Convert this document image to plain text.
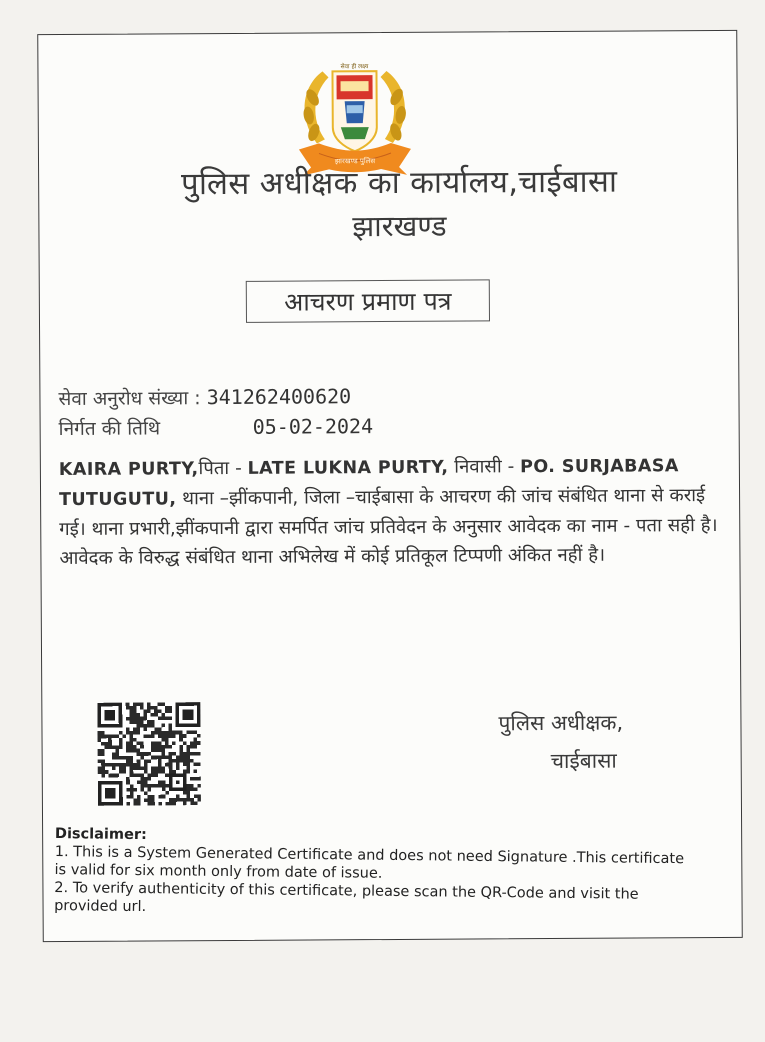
सेवा ही लक्ष्य
झारखण्ड पुलिस
पुलिस अधीक्षक का कार्यालय,चाईबासा
झारखण्ड
आचरण प्रमाण पत्र
सेवा अनुरोध संख्या : 341262400620
निर्गत की तिथि	05-02-2024
KAIRA PURTY,पिता - LATE LUKNA PURTY, निवासी - PO. SURJABASA TUTUGUTU, थाना –झींकपानी, जिला –चाईबासा के आचरण की जांच संबंधित थाना से कराई गई। थाना प्रभारी,झींकपानी द्वारा समर्पित जांच प्रतिवेदन के अनुसार आवेदक का नाम - पता सही है। आवेदक के विरुद्ध संबंधित थाना अभिलेख में कोई प्रतिकूल टिप्पणी अंकित नहीं है।
पुलिस अधीक्षक,
चाईबासा
Disclaimer:
1. This is a System Generated Certificate and does not need Signature .This certificate is valid for six month only from date of issue.
2. To verify authenticity of this certificate, please scan the QR-Code and visit the provided url.
